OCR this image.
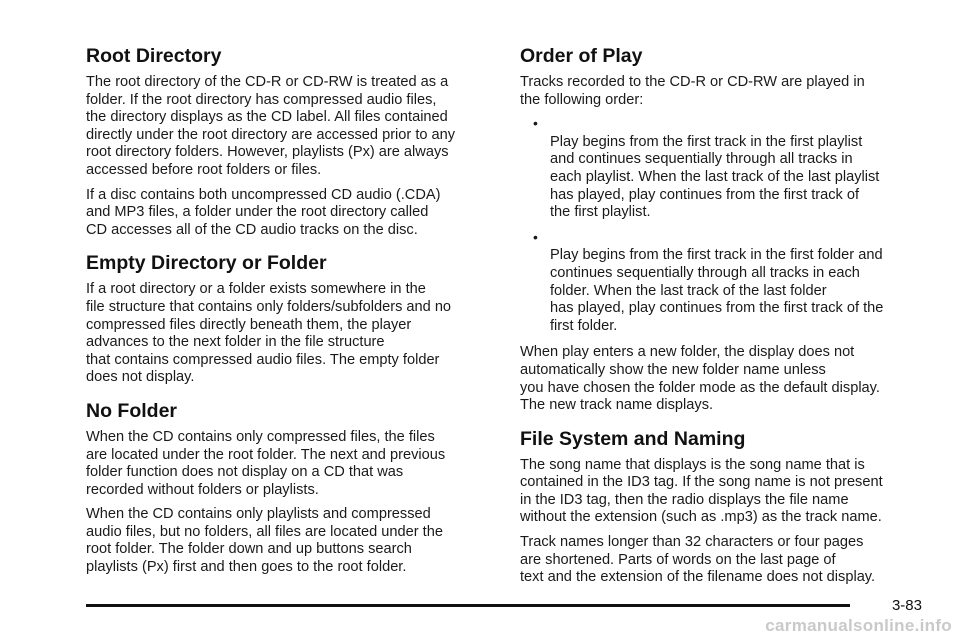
Root Directory

The root directory of the CD-R or CD-RW is treated as a
folder. If the root directory has compressed audio files,
the directory displays as the CD label. All files contained
directly under the root directory are accessed prior to any
root directory folders. However, playlists (Px) are always
accessed before root folders or files.

If a disc contains both uncompressed CD audio (.CDA)
and MP3 files, a folder under the root directory called
CD accesses all of the CD audio tracks on the disc.

Empty Directory or Folder

If a root directory or a folder exists somewhere in the
file structure that contains only folders/subfolders and no
compressed files directly beneath them, the player
advances to the next folder in the file structure
that contains compressed audio files. The empty folder
does not display.

No Folder

When the CD contains only compressed files, the files
are located under the root folder. The next and previous
folder function does not display on a CD that was
recorded without folders or playlists.

When the CD contains only playlists and compressed
audio files, but no folders, all files are located under the
root folder. The folder down and up buttons search
playlists (Px) first and then goes to the root folder.

Order of Play

Tracks recorded to the CD-R or CD-RW are played in
the following order:

•
Play begins from the first track in the first playlist
and continues sequentially through all tracks in
each playlist. When the last track of the last playlist
has played, play continues from the first track of
the first playlist.

•
Play begins from the first track in the first folder and
continues sequentially through all tracks in each
folder. When the last track of the last folder
has played, play continues from the first track of the
first folder.

When play enters a new folder, the display does not
automatically show the new folder name unless
you have chosen the folder mode as the default display.
The new track name displays.

File System and Naming

The song name that displays is the song name that is
contained in the ID3 tag. If the song name is not present
in the ID3 tag, then the radio displays the file name
without the extension (such as .mp3) as the track name.

Track names longer than 32 characters or four pages
are shortened. Parts of words on the last page of
text and the extension of the filename does not display.

3-83
carmanualsonline.info
